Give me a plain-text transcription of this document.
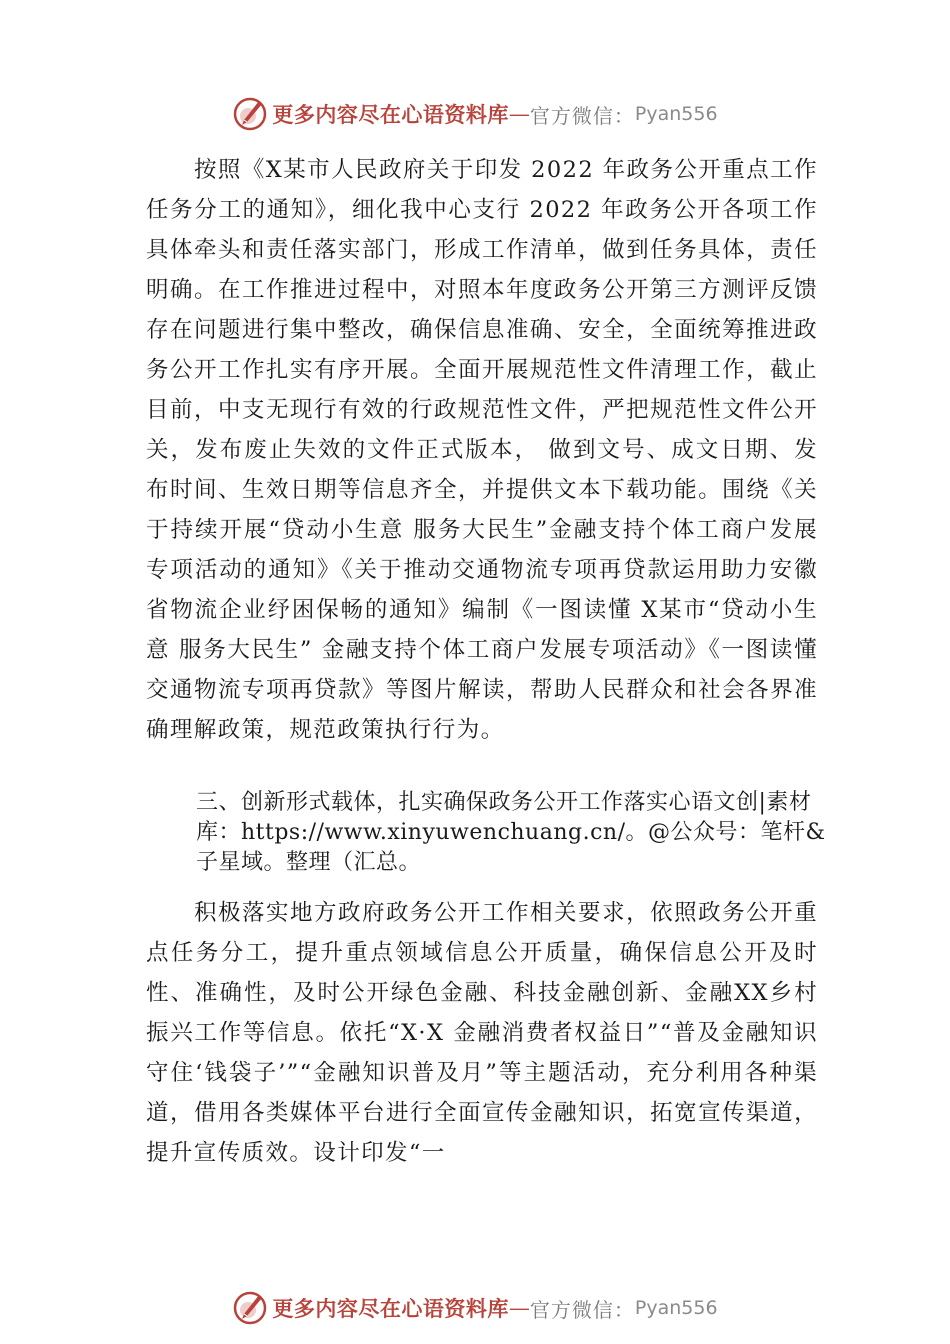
更多内容尽在心语资料库 — 官方微信： Pyan556

按照《X某市人民政府关于印发 2022 年政务公开重点工作任务分工的通知》，细化我中心支行 2022 年政务公开各项工作具体牵头和责任落实部门，形成工作清单，做到任务具体，责任明确。在工作推进过程中，对照本年度政务公开第三方测评反馈存在问题进行集中整改，确保信息准确、安全，全面统筹推进政务公开工作扎实有序开展。全面开展规范性文件清理工作，截止目前，中支无现行有效的行政规范性文件，严把规范性文件公开关，发布废止失效的文件正式版本， 做到文号、成文日期、发布时间、生效日期等信息齐全，并提供文本下载功能。围绕《关于持续开展“贷动小生意 服务大民生”金融支持个体工商户发展专项活动的通知》《关于推动交通物流专项再贷款运用助力安徽省物流企业纾困保畅的通知》编制《一图读懂 X某市“贷动小生意 服务大民生” 金融支持个体工商户发展专项活动》《一图读懂交通物流专项再贷款》等图片解读，帮助人民群众和社会各界准确理解政策，规范政策执行行为。

三、创新形式载体，扎实确保政务公开工作落实心语文创|素材库：https://www.xinyuwenchuang.cn/。@公众号：笔杆&子星域。整理（汇总。

积极落实地方政府政务公开工作相关要求，依照政务公开重点任务分工，提升重点领域信息公开质量，确保信息公开及时性、准确性，及时公开绿色金融、科技金融创新、金融XX乡村振兴工作等信息。依托“X·X 金融消费者权益日”“普及金融知识 守住‘钱袋子’”“金融知识普及月”等主题活动，充分利用各种渠道，借用各类媒体平台进行全面宣传金融知识，拓宽宣传渠道，提升宣传质效。设计印发“一

更多内容尽在心语资料库 — 官方微信： Pyan556
